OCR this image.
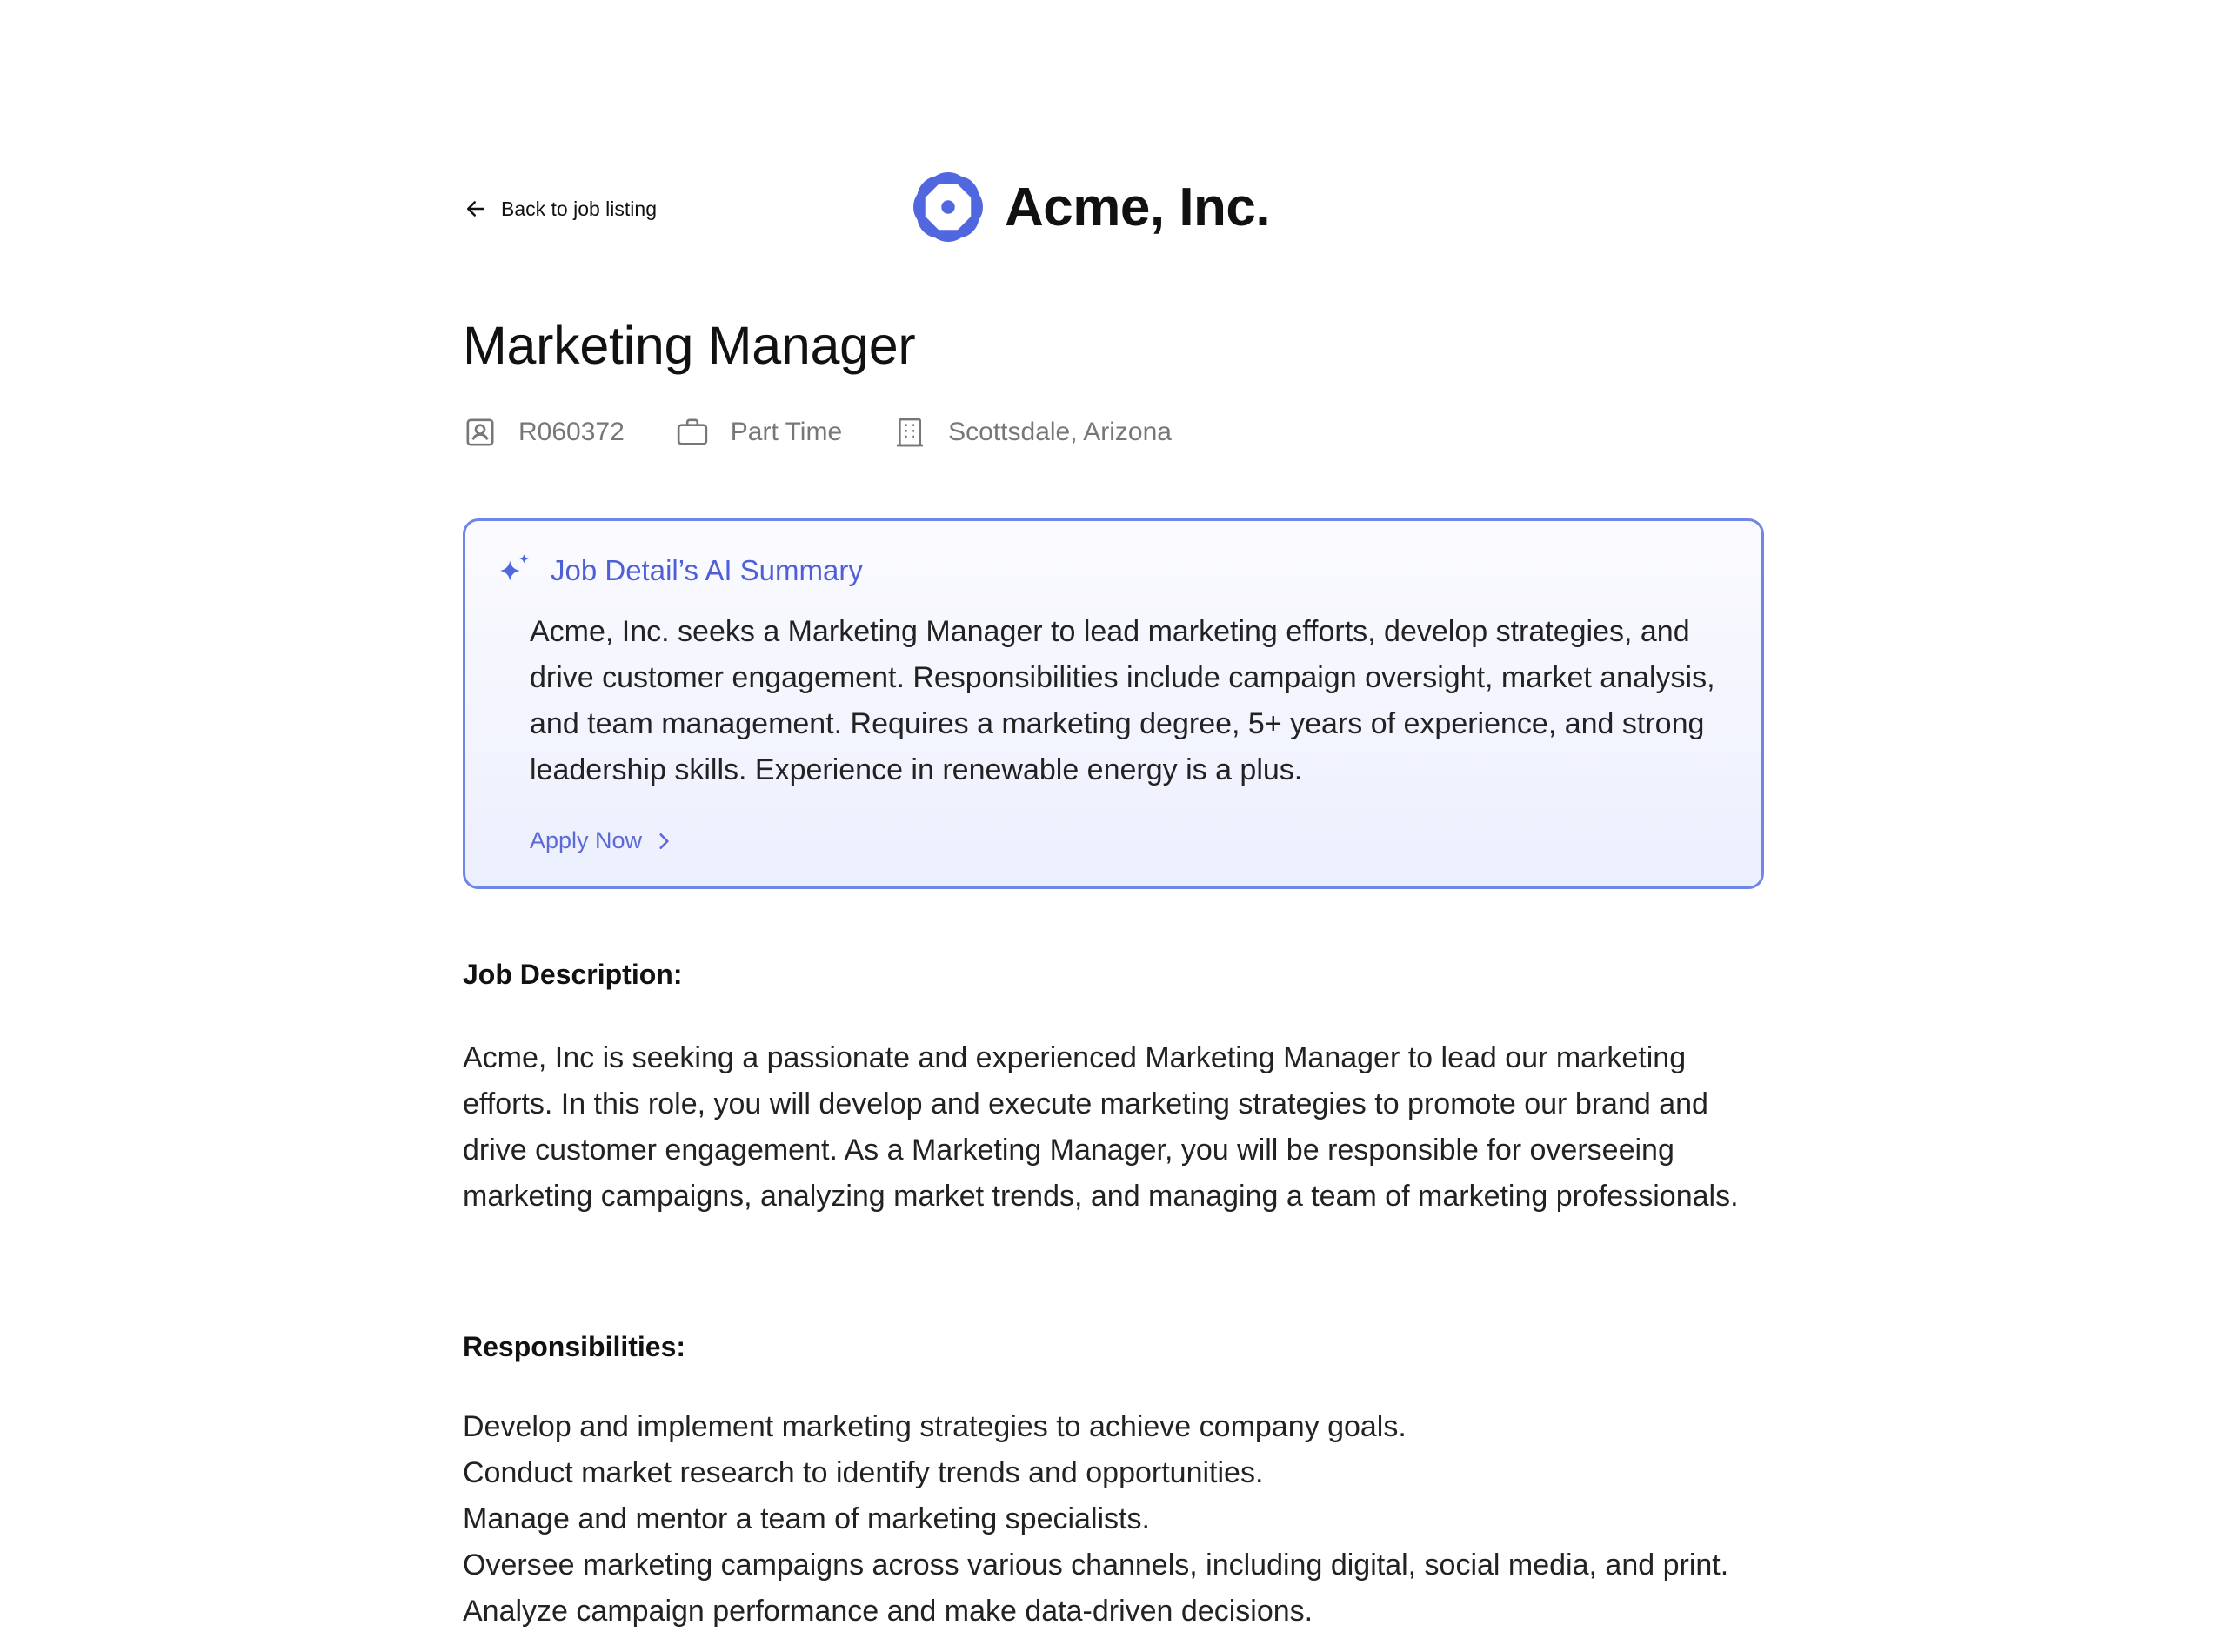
Back to job listing	Acme, Inc.
Marketing Manager
R060372	Part Time	Scottsdale, Arizona
Job Detail’s AI Summary

Acme, Inc. seeks a Marketing Manager to lead marketing efforts, develop strategies, and drive customer engagement. Responsibilities include campaign oversight, market analysis, and team management. Requires a marketing degree, 5+ years of experience, and strong leadership skills. Experience in renewable energy is a plus.

Apply Now
Job Description:

Acme, Inc is seeking a passionate and experienced Marketing Manager to lead our marketing efforts. In this role, you will develop and execute marketing strategies to promote our brand and drive customer engagement. As a Marketing Manager, you will be responsible for overseeing marketing campaigns, analyzing market trends, and managing a team of marketing professionals.

Responsibilities:
Develop and implement marketing strategies to achieve company goals.
Conduct market research to identify trends and opportunities.
Manage and mentor a team of marketing specialists.
Oversee marketing campaigns across various channels, including digital, social media, and print.
Analyze campaign performance and make data-driven decisions.
